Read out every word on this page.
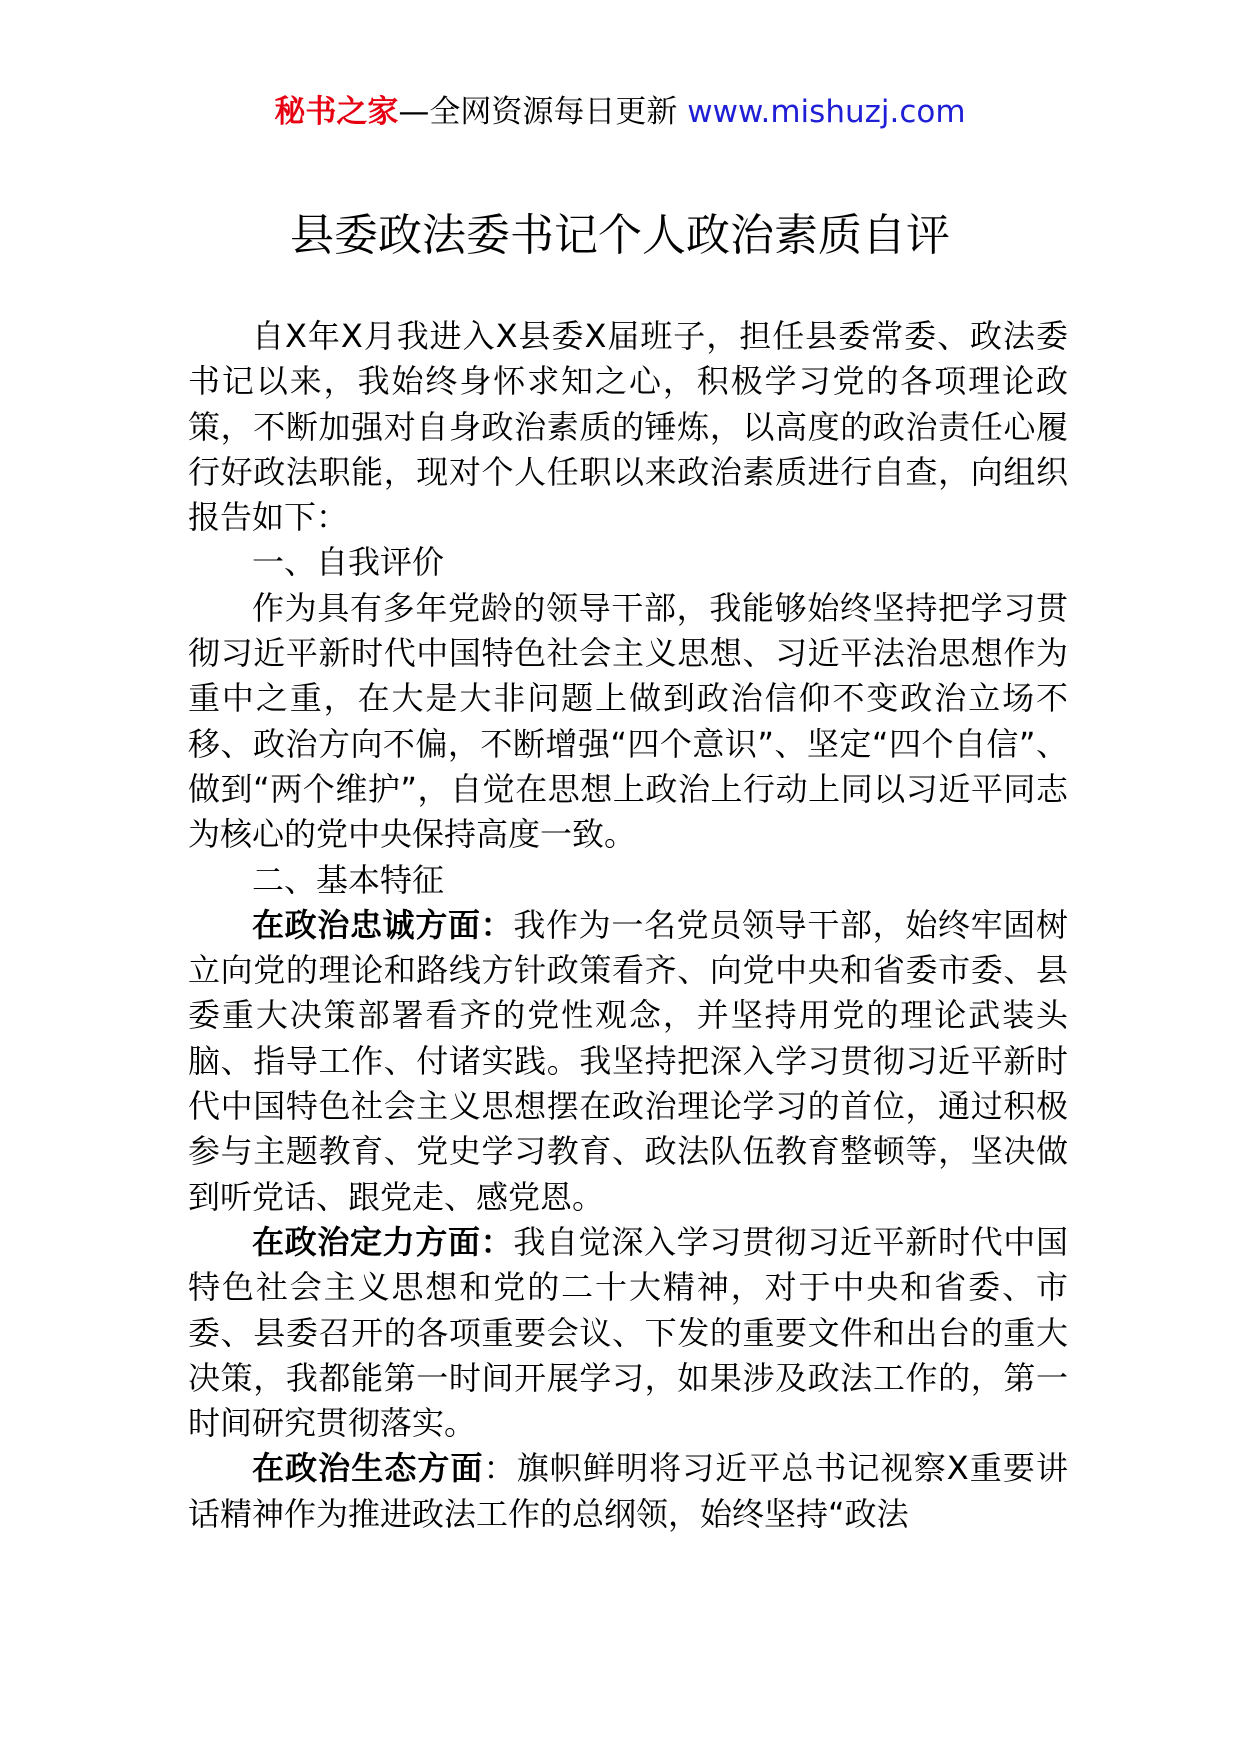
秘书之家—全网资源每日更新 www.mishuzj.com
县委政法委书记个人政治素质自评

自X年X月我进入X县委X届班子，担任县委常委、政法委书记以来，我始终身怀求知之心，积极学习党的各项理论政策，不断加强对自身政治素质的锤炼，以高度的政治责任心履行好政法职能，现对个人任职以来政治素质进行自查，向组织报告如下：

一、自我评价

作为具有多年党龄的领导干部，我能够始终坚持把学习贯彻习近平新时代中国特色社会主义思想、习近平法治思想作为重中之重，在大是大非问题上做到政治信仰不变政治立场不移、政治方向不偏，不断增强“四个意识”、坚定“四个自信”、做到“两个维护”，自觉在思想上政治上行动上同以习近平同志为核心的党中央保持高度一致。

二、基本特征

在政治忠诚方面：我作为一名党员领导干部，始终牢固树立向党的理论和路线方针政策看齐、向党中央和省委市委、县委重大决策部署看齐的党性观念，并坚持用党的理论武装头脑、指导工作、付诸实践。我坚持把深入学习贯彻习近平新时代中国特色社会主义思想摆在政治理论学习的首位，通过积极参与主题教育、党史学习教育、政法队伍教育整顿等，坚决做到听党话、跟党走、感党恩。

在政治定力方面：我自觉深入学习贯彻习近平新时代中国特色社会主义思想和党的二十大精神，对于中央和省委、市委、县委召开的各项重要会议、下发的重要文件和出台的重大决策，我都能第一时间开展学习，如果涉及政法工作的，第一时间研究贯彻落实。

在政治生态方面：旗帜鲜明将习近平总书记视察X重要讲话精神作为推进政法工作的总纲领，始终坚持“政法
